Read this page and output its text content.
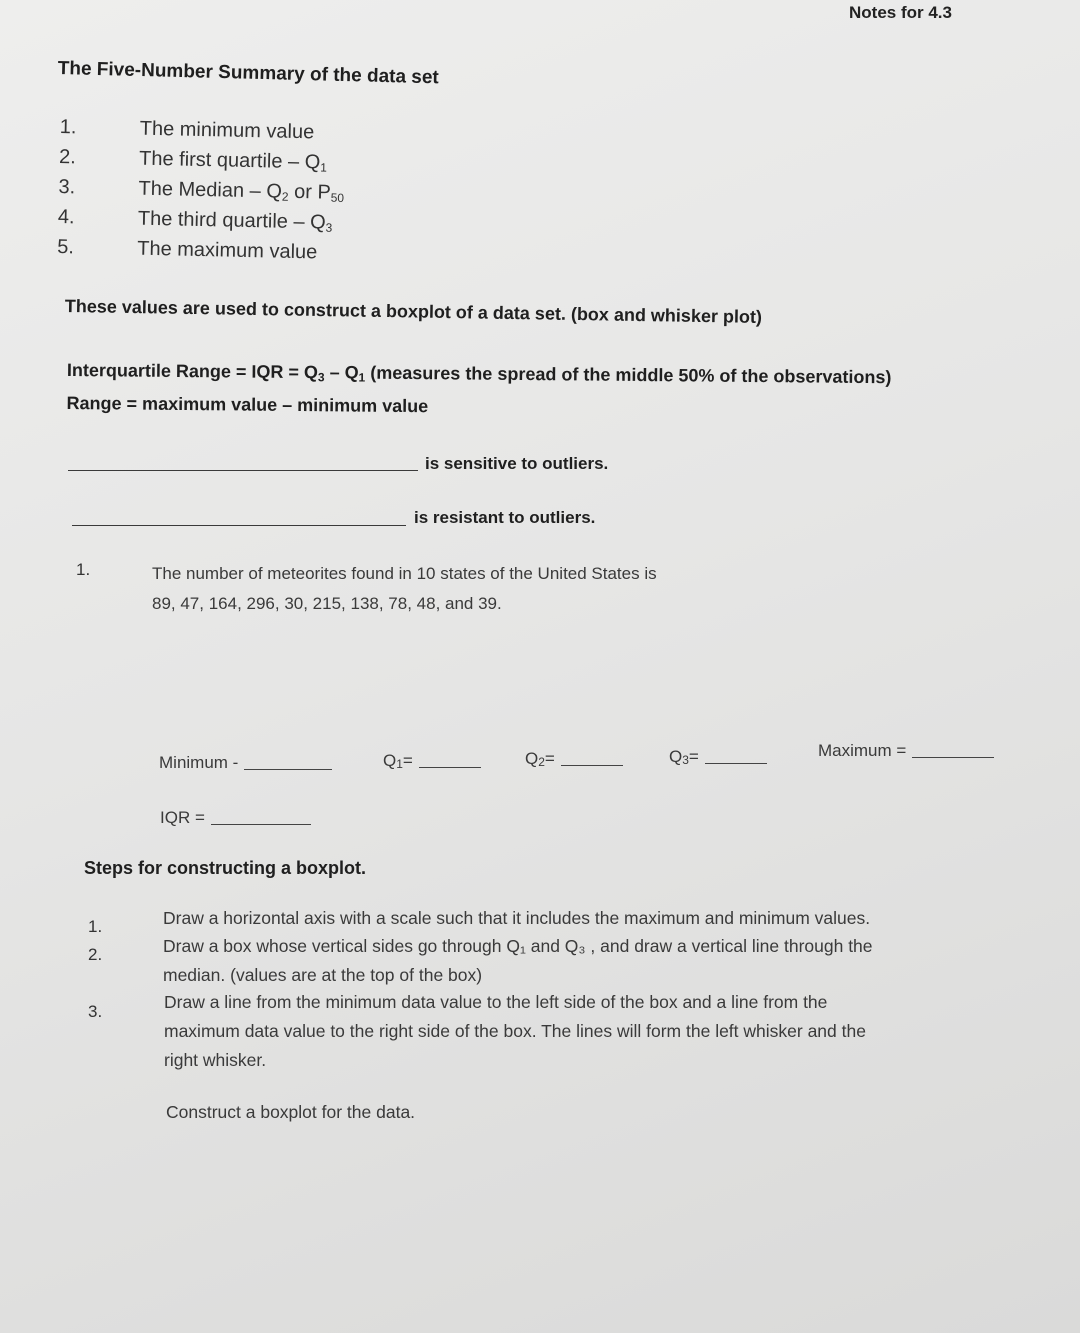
Notes for 4.3
The Five-Number Summary of the data set
1.	The minimum value
2.	The first quartile – $Q_1$
3.	The Median – $Q_2$ or $P_{50}$
4.	The third quartile – $Q_3$
5.	The maximum value
These values are used to construct a boxplot of a data set. (box and whisker plot)
Interquartile Range = IQR = $Q_3 - Q_1$ (measures the spread of the middle 50% of the observations)
Range = maximum value – minimum value
is sensitive to outliers.
is resistant to outliers.
1.	The number of meteorites found in 10 states of the United States is
89, 47, 164, 296, 30, 215, 138, 78, 48, and 39.
Minimum -	Q 1 =	Q 2 =	Q 3 =	Maximum =
IQR =
Steps for constructing a boxplot.
1.
2.
3.
Draw a horizontal axis with a scale such that it includes the maximum and minimum values.
Draw a box whose vertical sides go through Q₁ and Q₃ , and draw a vertical line through the
median. (values are at the top of the box)
Draw a line from the minimum data value to the left side of the box and a line from the
maximum data value to the right side of the box. The lines will form the left whisker and the
right whisker.
Construct a boxplot for the data.
